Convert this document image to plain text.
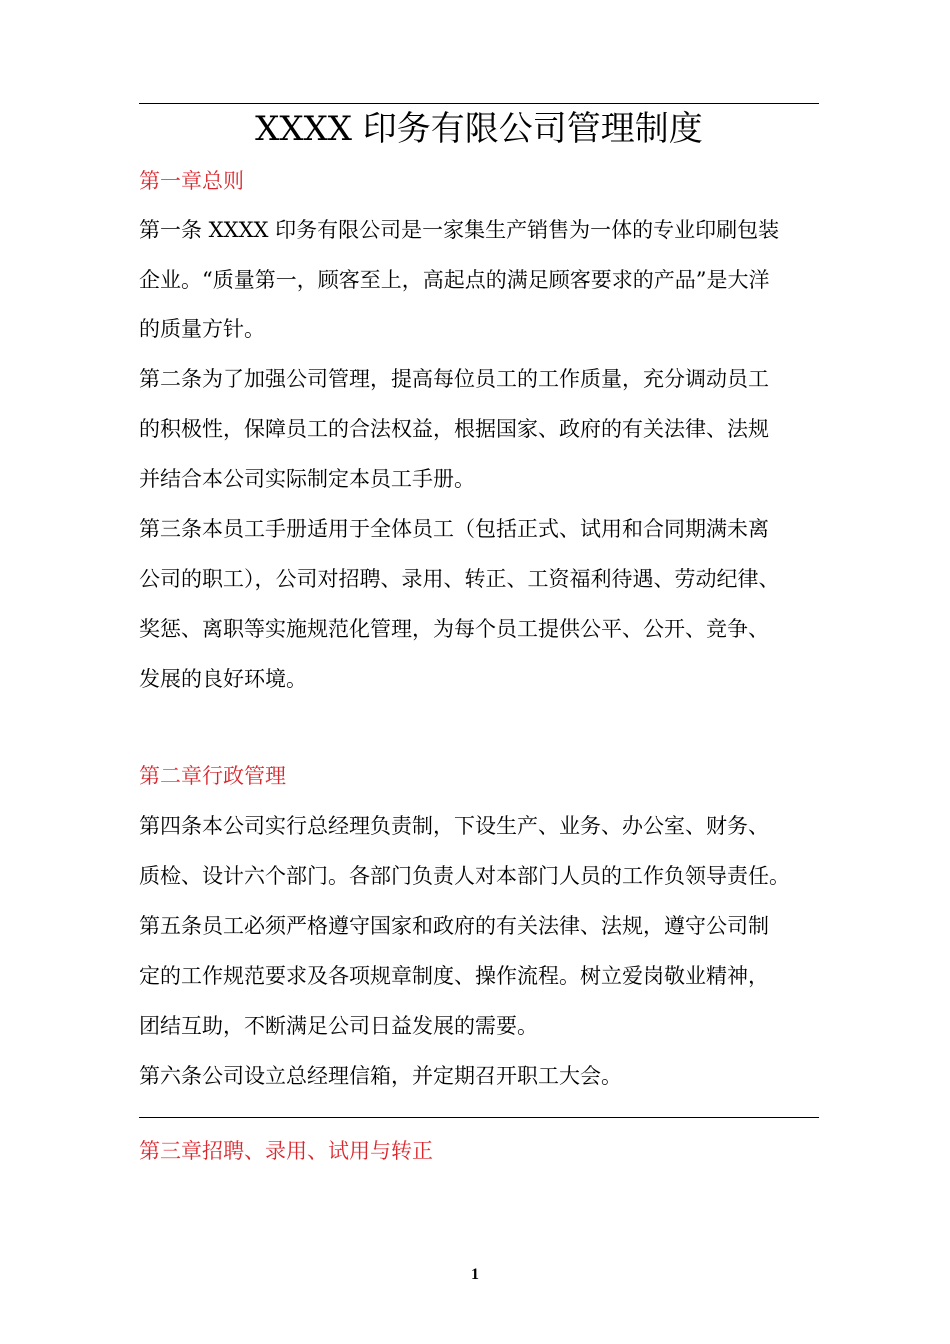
XXXX 印务有限公司管理制度
第一章总则
第一条 XXXX 印务有限公司是一家集生产销售为一体的专业印刷包装
企业。“质量第一，顾客至上，高起点的满足顾客要求的产品”是大洋
的质量方针。
第二条为了加强公司管理，提高每位员工的工作质量，充分调动员工
的积极性，保障员工的合法权益，根据国家、政府的有关法律、法规
并结合本公司实际制定本员工手册。
第三条本员工手册适用于全体员工（包括正式、试用和合同期满未离
公司的职工），公司对招聘、录用、转正、工资福利待遇、劳动纪律、
奖惩、离职等实施规范化管理，为每个员工提供公平、公开、竞争、
发展的良好环境。
第二章行政管理
第四条本公司实行总经理负责制，下设生产、业务、办公室、财务、
质检、设计六个部门。各部门负责人对本部门人员的工作负领导责任。
第五条员工必须严格遵守国家和政府的有关法律、法规，遵守公司制
定的工作规范要求及各项规章制度、操作流程。树立爱岗敬业精神，
团结互助，不断满足公司日益发展的需要。
第六条公司设立总经理信箱，并定期召开职工大会。
第三章招聘、录用、试用与转正
1
